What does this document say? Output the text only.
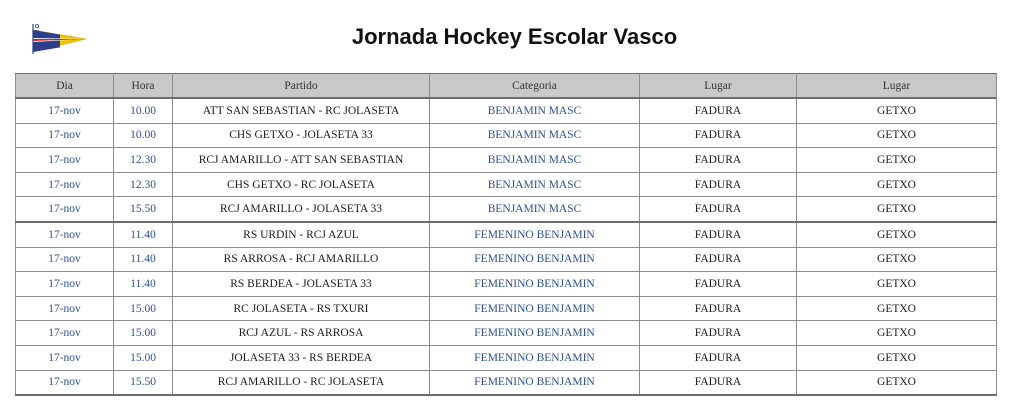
Jornada Hockey Escolar Vasco
Dia	Hora	Partido	Categoria	Lugar	Lugar
17-nov	10.00	ATT SAN SEBASTIAN - RC JOLASETA	BENJAMIN MASC	FADURA	GETXO
17-nov	10.00	CHS GETXO - JOLASETA 33	BENJAMIN MASC	FADURA	GETXO
17-nov	12.30	RCJ AMARILLO - ATT SAN SEBASTIAN	BENJAMIN MASC	FADURA	GETXO
17-nov	12.30	CHS GETXO - RC JOLASETA	BENJAMIN MASC	FADURA	GETXO
17-nov	15.50	RCJ AMARILLO - JOLASETA 33	BENJAMIN MASC	FADURA	GETXO
17-nov	11.40	RS URDIN - RCJ AZUL	FEMENINO BENJAMIN	FADURA	GETXO
17-nov	11.40	RS ARROSA - RCJ AMARILLO	FEMENINO BENJAMIN	FADURA	GETXO
17-nov	11.40	RS BERDEA - JOLASETA 33	FEMENINO BENJAMIN	FADURA	GETXO
17-nov	15.00	RC JOLASETA - RS TXURI	FEMENINO BENJAMIN	FADURA	GETXO
17-nov	15.00	RCJ AZUL - RS ARROSA	FEMENINO BENJAMIN	FADURA	GETXO
17-nov	15.00	JOLASETA 33 - RS BERDEA	FEMENINO BENJAMIN	FADURA	GETXO
17-nov	15.50	RCJ AMARILLO - RC JOLASETA	FEMENINO BENJAMIN	FADURA	GETXO
